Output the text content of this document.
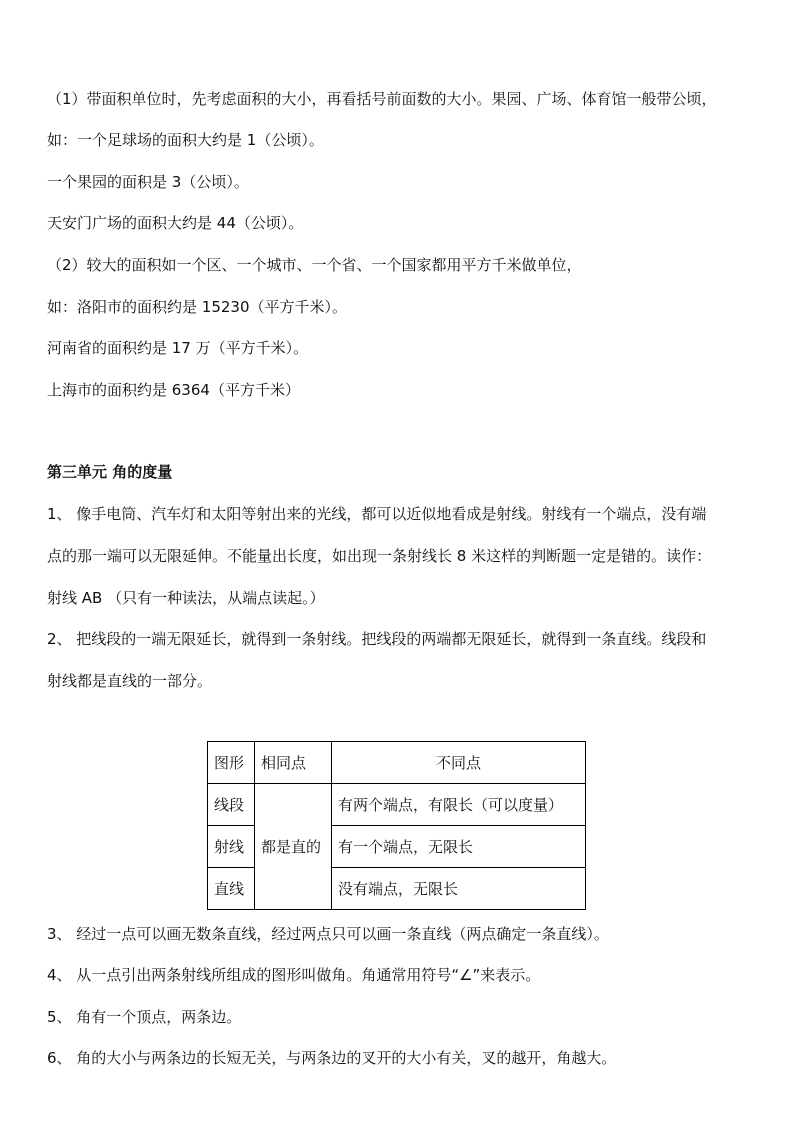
（1）带面积单位时，先考虑面积的大小，再看括号前面数的大小。果园、广场、体育馆一般带公顷，
如：一个足球场的面积大约是 1（公顷）。
一个果园的面积是 3（公顷）。
天安门广场的面积大约是 44（公顷）。
（2）较大的面积如一个区、一个城市、一个省、一个国家都用平方千米做单位，
如：洛阳市的面积约是 15230（平方千米）。
河南省的面积约是 17 万（平方千米）。
上海市的面积约是 6364（平方千米）
第三单元 角的度量
1、 像手电筒、汽车灯和太阳等射出来的光线，都可以近似地看成是射线。射线有一个端点，没有端
点的那一端可以无限延伸。不能量出长度，如出现一条射线长 8 米这样的判断题一定是错的。读作：
射线 AB （只有一种读法，从端点读起。）
2、 把线段的一端无限延长，就得到一条射线。把线段的两端都无限延长，就得到一条直线。线段和
射线都是直线的一部分。
图形	相同点	不同点
线段	都是直的	有两个端点，有限长（可以度量）
射线		有一个端点，无限长
直线		没有端点，无限长
3、 经过一点可以画无数条直线，经过两点只可以画一条直线（两点确定一条直线）。
4、 从一点引出两条射线所组成的图形叫做角。角通常用符号“∠”来表示。
5、 角有一个顶点，两条边。
6、 角的大小与两条边的长短无关，与两条边的叉开的大小有关，叉的越开，角越大。
